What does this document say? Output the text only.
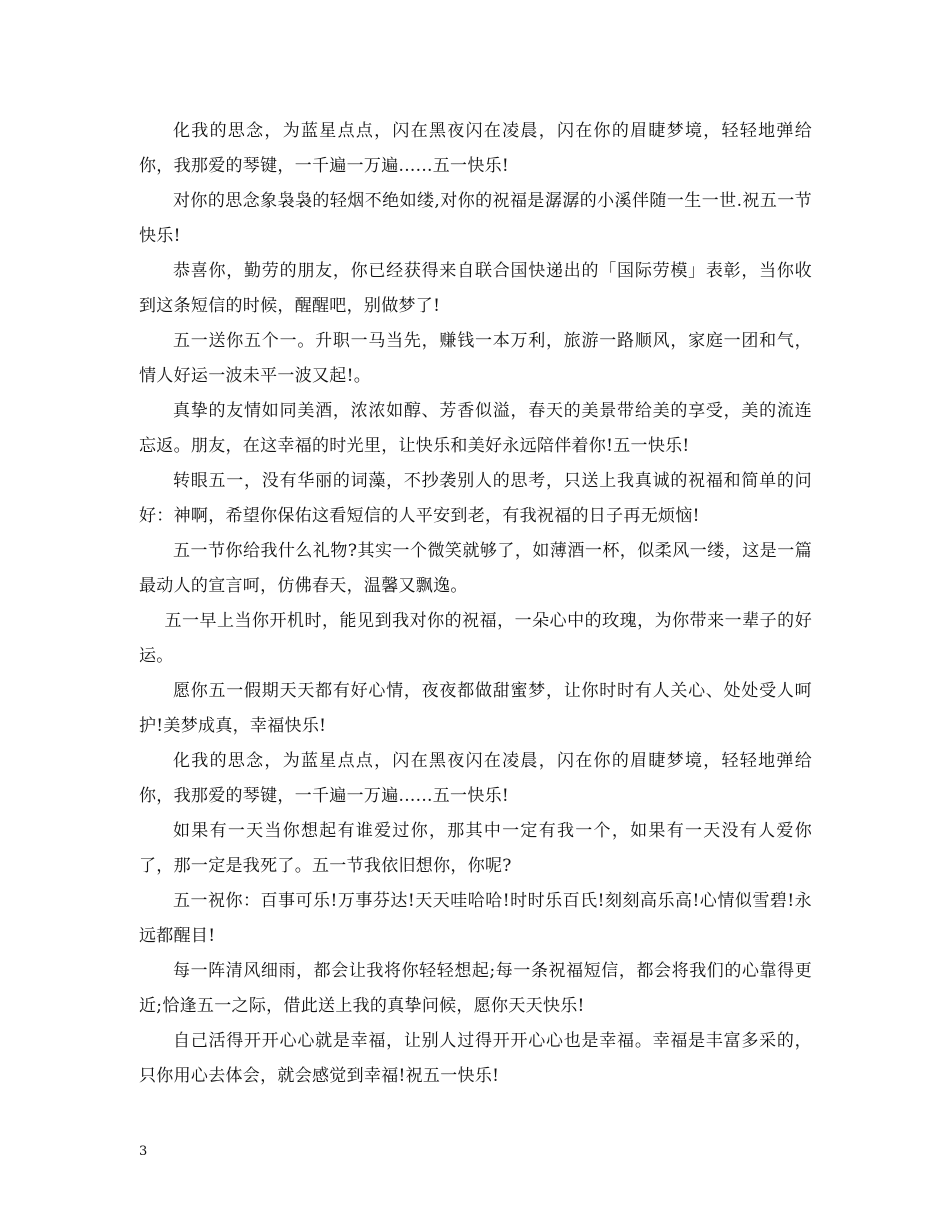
化我的思念，为蓝星点点，闪在黑夜闪在凌晨，闪在你的眉睫梦境，轻轻地弹给你，我那爱的琴键，一千遍一万遍......五一快乐!

对你的思念象袅袅的轻烟不绝如缕,对你的祝福是潺潺的小溪伴随一生一世.祝五一节快乐!

恭喜你，勤劳的朋友，你已经获得来自联合国快递出的「国际劳模」表彰，当你收到这条短信的时候，醒醒吧，别做梦了!

五一送你五个一。升职一马当先，赚钱一本万利，旅游一路顺风，家庭一团和气，情人好运一波未平一波又起!。

真挚的友情如同美酒，浓浓如醇、芳香似溢，春天的美景带给美的享受，美的流连忘返。朋友，在这幸福的时光里，让快乐和美好永远陪伴着你!五一快乐!

转眼五一，没有华丽的词藻，不抄袭别人的思考，只送上我真诚的祝福和简单的问好：神啊，希望你保佑这看短信的人平安到老，有我祝福的日子再无烦恼!

五一节你给我什么礼物?其实一个微笑就够了，如薄酒一杯，似柔风一缕，这是一篇最动人的宣言呵，仿佛春天，温馨又飘逸。

五一早上当你开机时，能见到我对你的祝福，一朵心中的玫瑰，为你带来一辈子的好运。

愿你五一假期天天都有好心情，夜夜都做甜蜜梦，让你时时有人关心、处处受人呵护!美梦成真，幸福快乐!

化我的思念，为蓝星点点，闪在黑夜闪在凌晨，闪在你的眉睫梦境，轻轻地弹给你，我那爱的琴键，一千遍一万遍......五一快乐!

如果有一天当你想起有谁爱过你，那其中一定有我一个，如果有一天没有人爱你了，那一定是我死了。五一节我依旧想你，你呢?

五一祝你：百事可乐!万事芬达!天天哇哈哈!时时乐百氏!刻刻高乐高!心情似雪碧!永远都醒目!

每一阵清风细雨，都会让我将你轻轻想起;每一条祝福短信，都会将我们的心靠得更近;恰逢五一之际，借此送上我的真挚问候，愿你天天快乐!

自己活得开开心心就是幸福，让别人过得开开心心也是幸福。幸福是丰富多采的，只你用心去体会，就会感觉到幸福!祝五一快乐!

3
